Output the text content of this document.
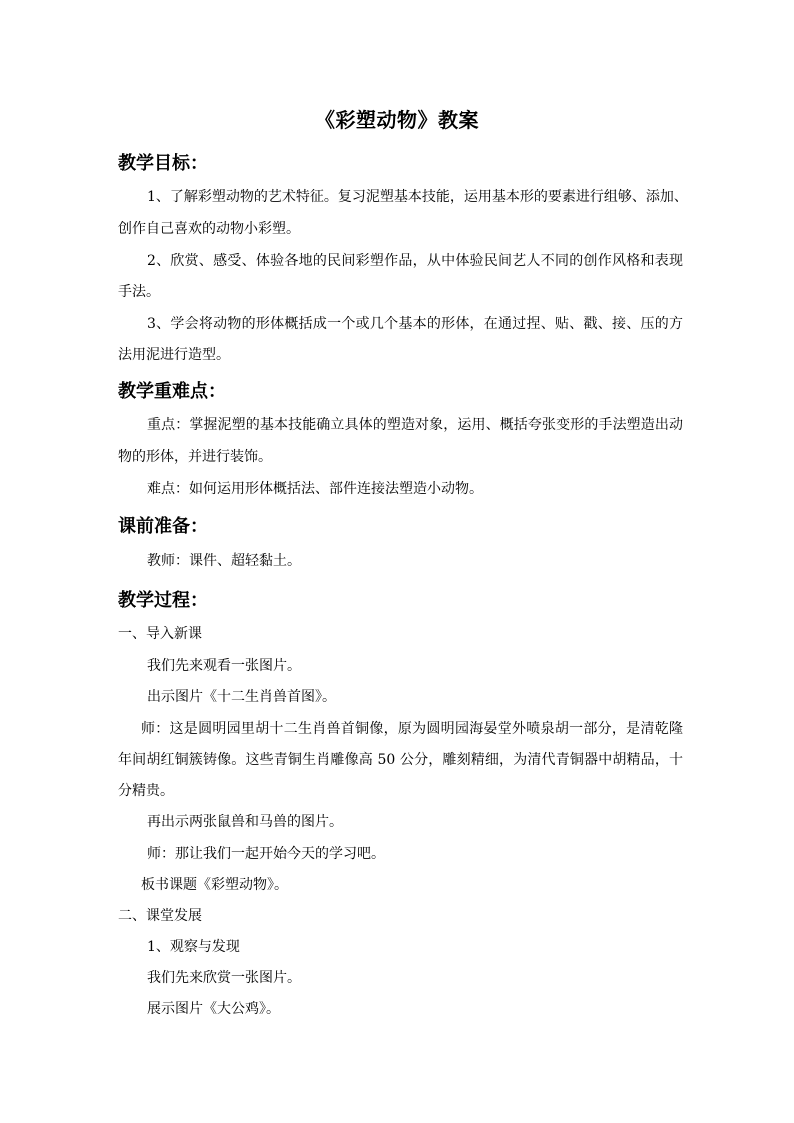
《彩塑动物》教案
教学目标：
1、了解彩塑动物的艺术特征。复习泥塑基本技能，运用基本形的要素进行组够、添加、
创作自己喜欢的动物小彩塑。
2、欣赏、感受、体验各地的民间彩塑作品，从中体验民间艺人不同的创作风格和表现
手法。
3、学会将动物的形体概括成一个或几个基本的形体，在通过捏、贴、戳、接、压的方
法用泥进行造型。
教学重难点：
重点：掌握泥塑的基本技能确立具体的塑造对象，运用、概括夸张变形的手法塑造出动
物的形体，并进行装饰。
难点：如何运用形体概括法、部件连接法塑造小动物。
课前准备：
教师：课件、超轻黏土。
教学过程：
一、导入新课
我们先来观看一张图片。
出示图片《十二生肖兽首图》。
师：这是圆明园里胡十二生肖兽首铜像，原为圆明园海晏堂外喷泉胡一部分，是清乾隆
年间胡红铜簇铸像。这些青铜生肖雕像高 50 公分，雕刻精细，为清代青铜器中胡精品，十
分精贵。
再出示两张鼠兽和马兽的图片。
师：那让我们一起开始今天的学习吧。
板书课题《彩塑动物》。
二、课堂发展
1、观察与发现
我们先来欣赏一张图片。
展示图片《大公鸡》。
